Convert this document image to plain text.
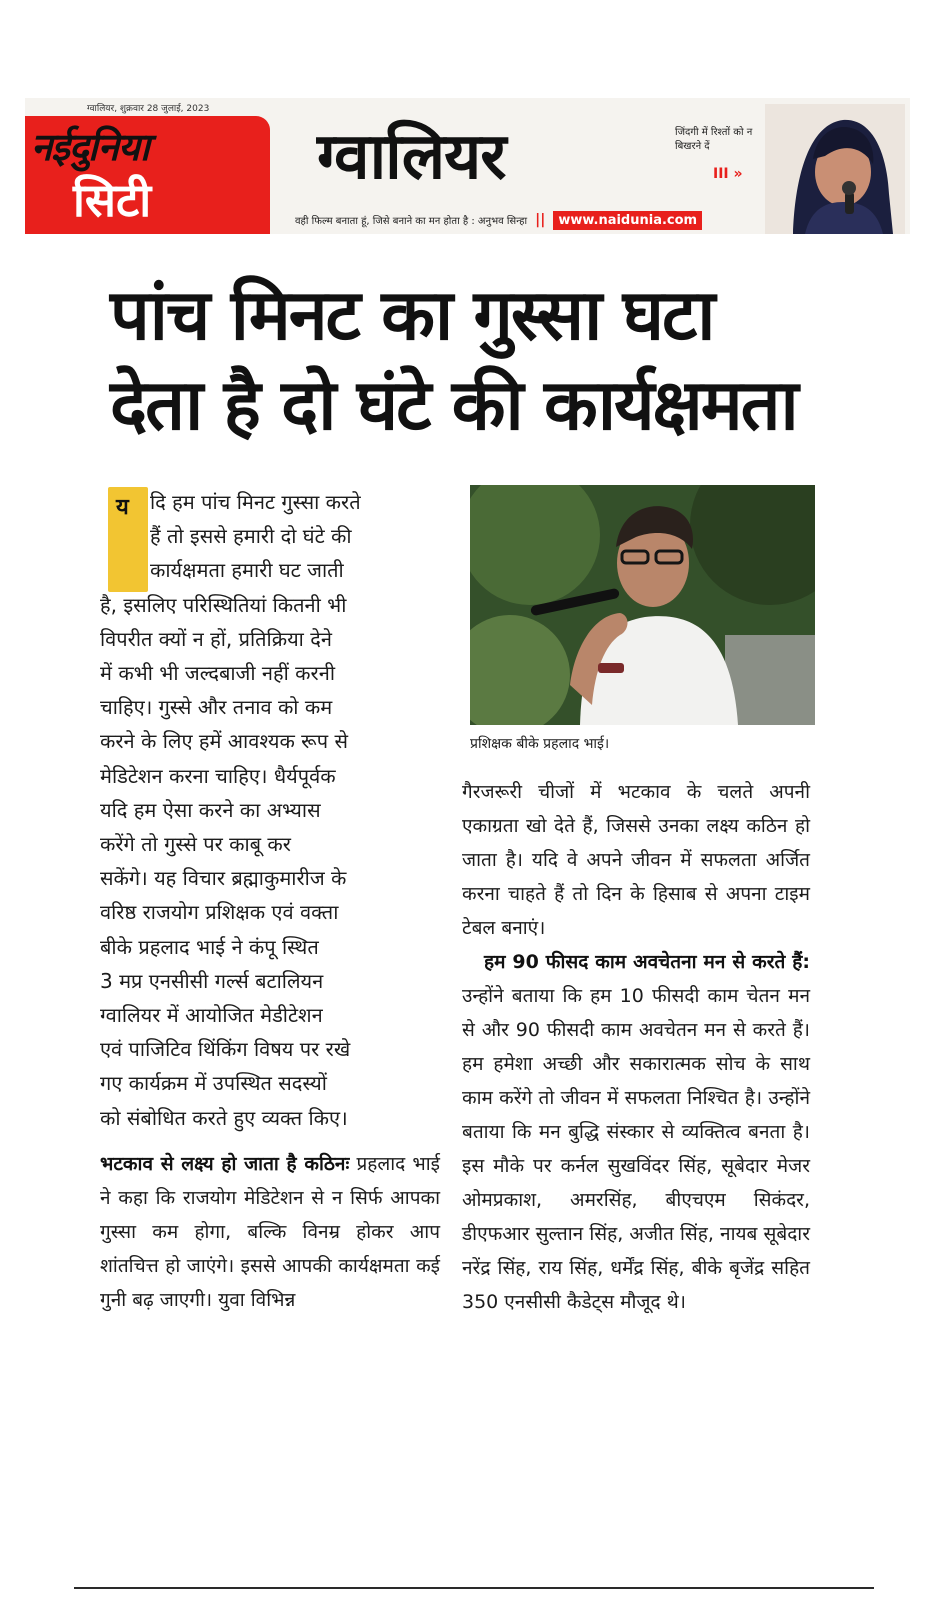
ग्वालियर, शुक्रवार 28 जुलाई, 2023
नईदुनिया
सिटी
ग्वालियर
वही फिल्म बनाता हूं, जिसे बनाने का मन होता है : अनुभव सिन्हा ||	www.naidunia.com
जिंदगी में रिश्तों को न बिखरने दें
III »
पांच मिनट का गुस्सा घटा
देता है दो घंटे की कार्यक्षमता
य	दि हम पांच मिनट गुस्सा करते
हैं तो इससे हमारी दो घंटे की
कार्यक्षमता हमारी घट जाती
है, इसलिए परिस्थितियां कितनी भी
विपरीत क्यों न हों, प्रतिक्रिया देने
में कभी भी जल्दबाजी नहीं करनी
चाहिए। गुस्से और तनाव को कम
करने के लिए हमें आवश्यक रूप से
मेडिटेशन करना चाहिए। धैर्यपूर्वक
यदि हम ऐसा करने का अभ्यास
करेंगे तो गुस्से पर काबू कर
सकेंगे। यह विचार ब्रह्माकुमारीज के
वरिष्ठ राजयोग प्रशिक्षक एवं वक्ता
बीके प्रहलाद भाई ने कंपू स्थित
3 मप्र एनसीसी गर्ल्स बटालियन
ग्वालियर में आयोजित मेडीटेशन
एवं पाजिटिव थिंकिंग विषय पर रखे
गए कार्यक्रम में उपस्थित सदस्यों
को संबोधित करते हुए व्यक्त किए।

भटकाव से लक्ष्य हो जाता है कठिनः प्रहलाद भाई ने कहा कि राजयोग मेडिटेशन से न सिर्फ आपका गुस्सा कम होगा, बल्कि विनम्र होकर आप शांतचित्त हो जाएंगे। इससे आपकी कार्यक्षमता कई गुनी बढ़ जाएगी। युवा विभिन्न

प्रशिक्षक बीके प्रहलाद भाई।

गैरजरूरी चीजों में भटकाव के चलते अपनी एकाग्रता खो देते हैं, जिससे उनका लक्ष्य कठिन हो जाता है। यदि वे अपने जीवन में सफलता अर्जित करना चाहते हैं तो दिन के हिसाब से अपना टाइम टेबल बनाएं।

हम 90 फीसद काम अवचेतना मन से करते हैं: उन्होंने बताया कि हम 10 फीसदी काम चेतन मन से और 90 फीसदी काम अवचेतन मन से करते हैं। हम हमेशा अच्छी और सकारात्मक सोच के साथ काम करेंगे तो जीवन में सफलता निश्चित है। उन्होंने बताया कि मन बुद्धि संस्कार से व्यक्तित्व बनता है। इस मौके पर कर्नल सुखविंदर सिंह, सूबेदार मेजर ओमप्रकाश, अमरसिंह, बीएचएम सिकंदर, डीएफआर सुल्तान सिंह, अजीत सिंह, नायब सूबेदार नरेंद्र सिंह, राय सिंह, धर्मेंद्र सिंह, बीके बृजेंद्र सहित 350 एनसीसी कैडेट्स मौजूद थे।
